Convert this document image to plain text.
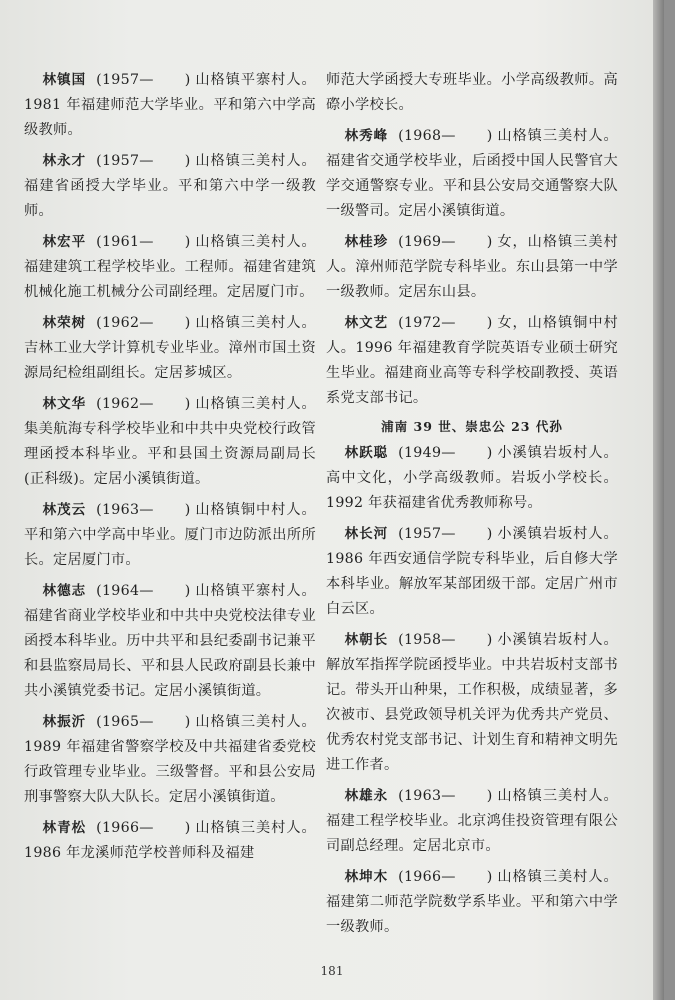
林镇国 (1957—　　) 山格镇平寨村人。1981 年福建师范大学毕业。平和第六中学高级教师。

林永才 (1957—　　) 山格镇三美村人。福建省函授大学毕业。平和第六中学一级教师。

林宏平 (1961—　　) 山格镇三美村人。福建建筑工程学校毕业。工程师。福建省建筑机械化施工机械分公司副经理。定居厦门市。

林荣树 (1962—　　) 山格镇三美村人。吉林工业大学计算机专业毕业。漳州市国土资源局纪检组副组长。定居芗城区。

林文华 (1962—　　) 山格镇三美村人。集美航海专科学校毕业和中共中央党校行政管理函授本科毕业。平和县国土资源局副局长(正科级)。定居小溪镇街道。

林茂云 (1963—　　) 山格镇铜中村人。平和第六中学高中毕业。厦门市边防派出所所长。定居厦门市。

林德志 (1964—　　) 山格镇平寨村人。福建省商业学校毕业和中共中央党校法律专业函授本科毕业。历中共平和县纪委副书记兼平和县监察局局长、平和县人民政府副县长兼中共小溪镇党委书记。定居小溪镇街道。

林振沂 (1965—　　) 山格镇三美村人。1989 年福建省警察学校及中共福建省委党校行政管理专业毕业。三级警督。平和县公安局刑事警察大队大队长。定居小溪镇街道。

林青松 (1966—　　) 山格镇三美村人。1986 年龙溪师范学校普师科及福建

师范大学函授大专班毕业。小学高级教师。高磜小学校长。

林秀峰 (1968—　　) 山格镇三美村人。福建省交通学校毕业，后函授中国人民警官大学交通警察专业。平和县公安局交通警察大队一级警司。定居小溪镇街道。

林桂珍 (1969—　　) 女，山格镇三美村人。漳州师范学院专科毕业。东山县第一中学一级教师。定居东山县。

林文艺 (1972—　　) 女，山格镇铜中村人。1996 年福建教育学院英语专业硕士研究生毕业。福建商业高等专科学校副教授、英语系党支部书记。

浦南 39 世、崇忠公 23 代孙

林跃聪 (1949—　　) 小溪镇岩坂村人。高中文化，小学高级教师。岩坂小学校长。1992 年获福建省优秀教师称号。

林长河 (1957—　　) 小溪镇岩坂村人。1986 年西安通信学院专科毕业，后自修大学本科毕业。解放军某部团级干部。定居广州市白云区。

林朝长 (1958—　　) 小溪镇岩坂村人。解放军指挥学院函授毕业。中共岩坂村支部书记。带头开山种果，工作积极，成绩显著，多次被市、县党政领导机关评为优秀共产党员、优秀农村党支部书记、计划生育和精神文明先进工作者。

林雄永 (1963—　　) 山格镇三美村人。福建工程学校毕业。北京鸿佳投资管理有限公司副总经理。定居北京市。

林坤木 (1966—　　) 山格镇三美村人。福建第二师范学院数学系毕业。平和第六中学一级教师。

181
